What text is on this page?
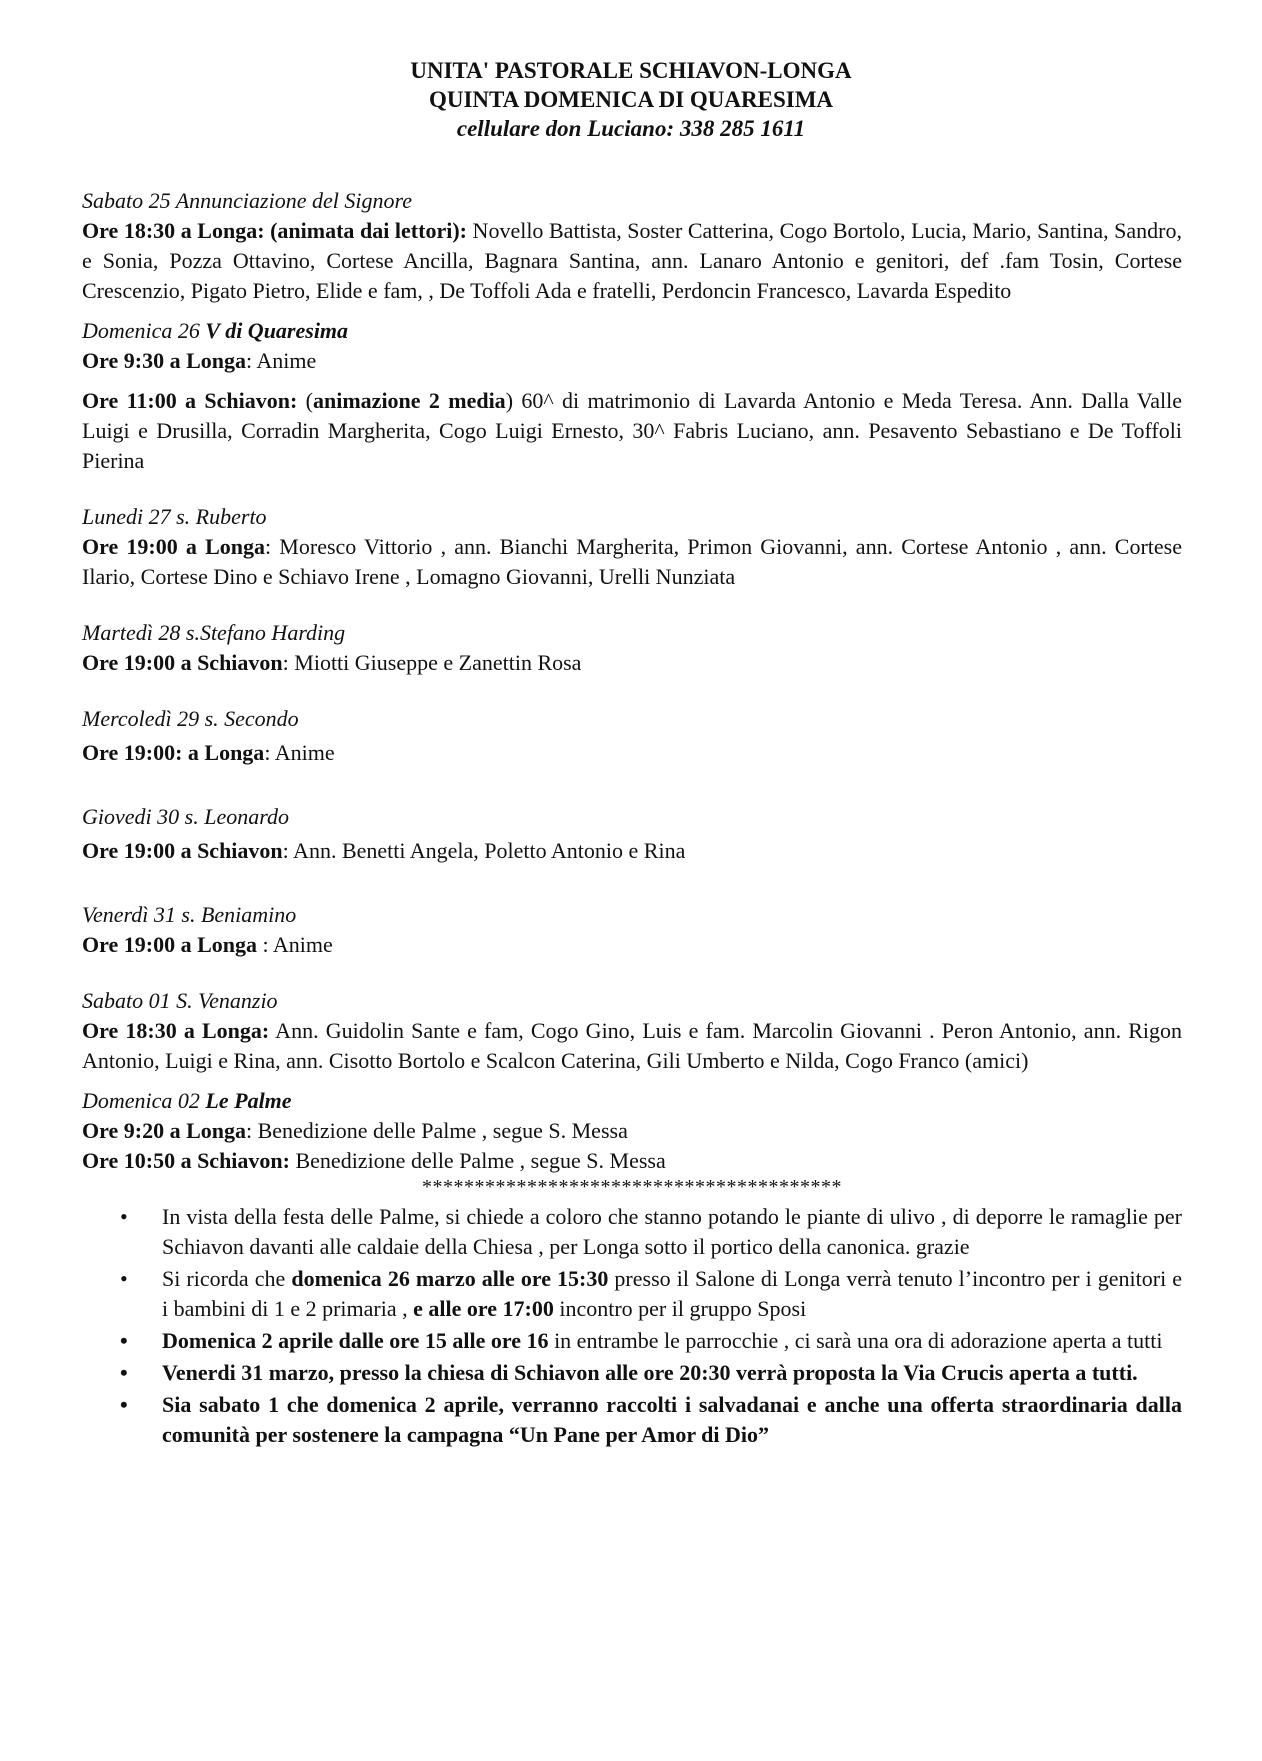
UNITA' PASTORALE SCHIAVON-LONGA
QUINTA DOMENICA DI QUARESIMA
cellulare don Luciano: 338 285 1611
Sabato 25 Annunciazione del Signore
Ore 18:30 a Longa: (animata dai lettori): Novello Battista, Soster Catterina, Cogo Bortolo, Lucia, Mario, Santina, Sandro, e Sonia, Pozza Ottavino, Cortese Ancilla, Bagnara Santina, ann. Lanaro Antonio e genitori, def .fam Tosin, Cortese Crescenzio, Pigato Pietro, Elide e fam, , De Toffoli Ada e fratelli, Perdoncin Francesco, Lavarda Espedito
Domenica 26 V di Quaresima
Ore 9:30 a Longa: Anime
Ore 11:00 a Schiavon: (animazione 2 media) 60^ di matrimonio di Lavarda Antonio e Meda Teresa. Ann. Dalla Valle Luigi e Drusilla, Corradin Margherita, Cogo Luigi Ernesto, 30^ Fabris Luciano, ann. Pesavento Sebastiano e De Toffoli Pierina
Lunedi 27 s. Ruberto
Ore 19:00 a Longa: Moresco Vittorio , ann. Bianchi Margherita, Primon Giovanni, ann. Cortese Antonio , ann. Cortese Ilario, Cortese Dino e Schiavo Irene , Lomagno Giovanni, Urelli Nunziata
Martedì 28 s.Stefano Harding
Ore 19:00 a Schiavon: Miotti Giuseppe e Zanettin Rosa
Mercoledì 29 s. Secondo
Ore 19:00: a Longa: Anime
Giovedi 30 s. Leonardo
Ore 19:00 a Schiavon: Ann. Benetti Angela, Poletto Antonio e Rina
Venerdì 31 s. Beniamino
Ore 19:00 a Longa : Anime
Sabato 01 S. Venanzio
Ore 18:30 a Longa: Ann. Guidolin Sante e fam, Cogo Gino, Luis e fam. Marcolin Giovanni . Peron Antonio, ann. Rigon Antonio, Luigi e Rina, ann. Cisotto Bortolo e Scalcon Caterina, Gili Umberto e Nilda, Cogo Franco (amici)
Domenica 02 Le Palme
Ore 9:20 a Longa: Benedizione delle Palme , segue S. Messa
Ore 10:50 a Schiavon: Benedizione delle Palme , segue S. Messa
****************************************
• In vista della festa delle Palme, si chiede a coloro che stanno potando le piante di ulivo , di deporre le ramaglie per Schiavon davanti alle caldaie della Chiesa , per Longa sotto il portico della canonica. grazie
• Si ricorda che domenica 26 marzo alle ore 15:30 presso il Salone di Longa verrà tenuto l’incontro per i genitori e i bambini di 1 e 2 primaria , e alle ore 17:00 incontro per il gruppo Sposi
• Domenica 2 aprile dalle ore 15 alle ore 16 in entrambe le parrocchie , ci sarà una ora di adorazione aperta a tutti
• Venerdi 31 marzo, presso la chiesa di Schiavon alle ore 20:30 verrà proposta la Via Crucis aperta a tutti.
• Sia sabato 1 che domenica 2 aprile, verranno raccolti i salvadanai e anche una offerta straordinaria dalla comunità per sostenere la campagna “Un Pane per Amor di Dio”
